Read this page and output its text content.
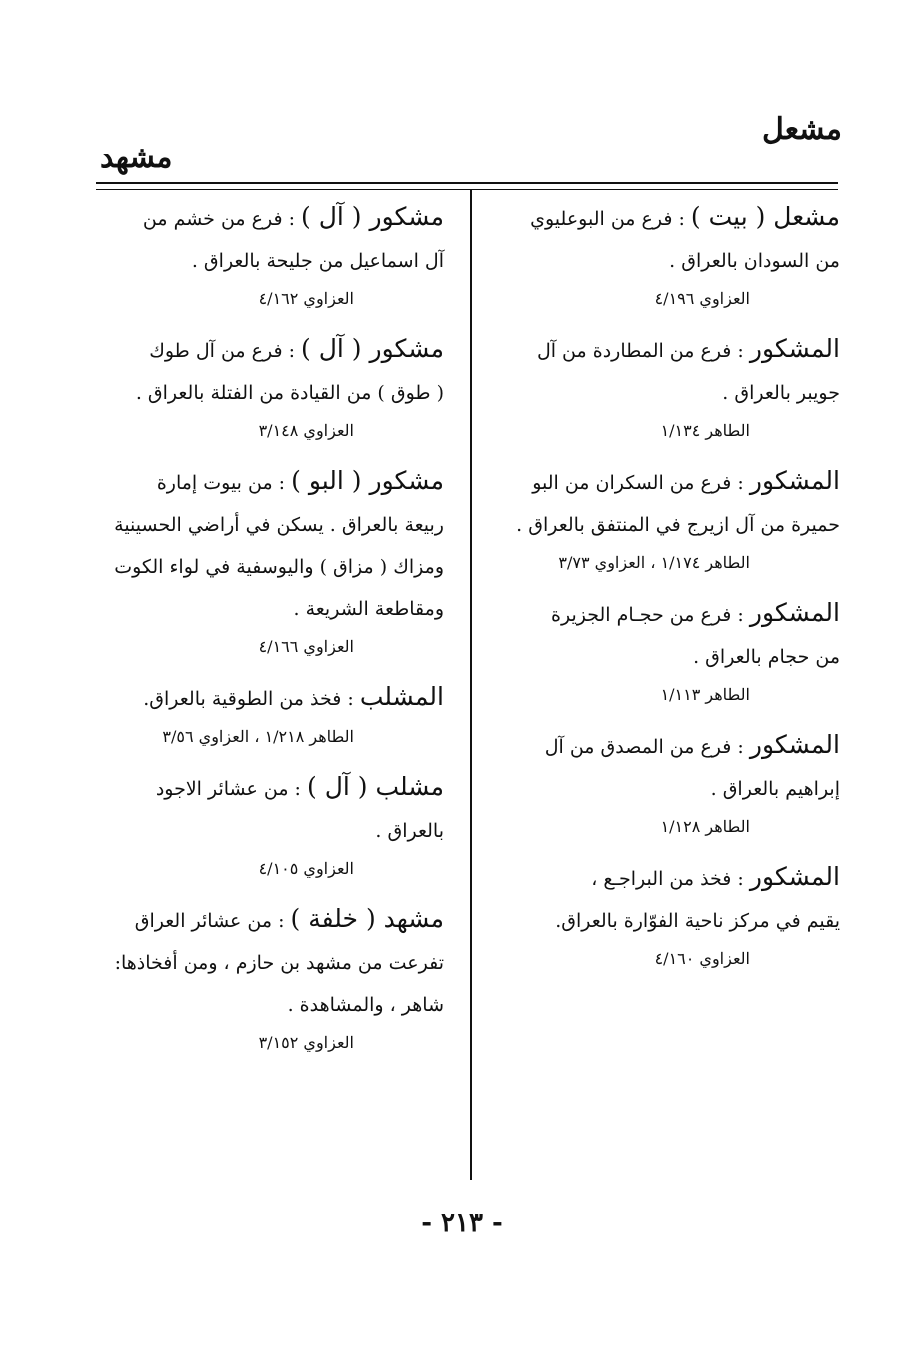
مشعل
مشهد
مشعل ( بيت ) : فرع من البوعليوي
من السودان بالعراق .
العزاوي ٤/١٩٦
المشكور : فرع من المطاردة من آل
جويبر بالعراق .
الطاهر ١/١٣٤
المشكور : فرع من السكران من البو
حميرة من آل ازيرج في المنتفق بالعراق .
الطاهر ١/١٧٤ ، العزاوي ٣/٧٣
المشكور : فرع من حجـام الجزيرة
من حجام بالعراق .
الطاهر ١/١١٣
المشكور : فرع من المصدق من آل
إبراهيم بالعراق .
الطاهر ١/١٢٨
المشكور : فخذ من البراجـع ،
يقيم في مركز ناحية الفوّارة بالعراق.
العزاوي ٤/١٦٠
مشكور ( آل ) : فرع من خشم من
آل اسماعيل من جليحة بالعراق .
العزاوي ٤/١٦٢
مشكور ( آل ) : فرع من آل طوك
( طوق ) من القيادة من الفتلة بالعراق .
العزاوي ٣/١٤٨
مشكور ( البو ) : من بيوت إمارة
ربيعة بالعراق . يسكن في أراضي الحسينية
ومزاك ( مزاق ) واليوسفية في لواء الكوت
ومقاطعة الشريعة .
العزاوي ٤/١٦٦
المشلب : فخذ من الطوقية بالعراق.
الطاهر ١/٢١٨ ، العزاوي ٣/٥٦
مشلب ( آل ) : من عشائر الاجود
بالعراق .
العزاوي ٤/١٠٥
مشهد ( خلفة ) : من عشائر العراق
تفرعت من مشهد بن حازم ، ومن أفخاذها:
شاهر ، والمشاهدة .
العزاوي ٣/١٥٢
- ٢١٣ -
